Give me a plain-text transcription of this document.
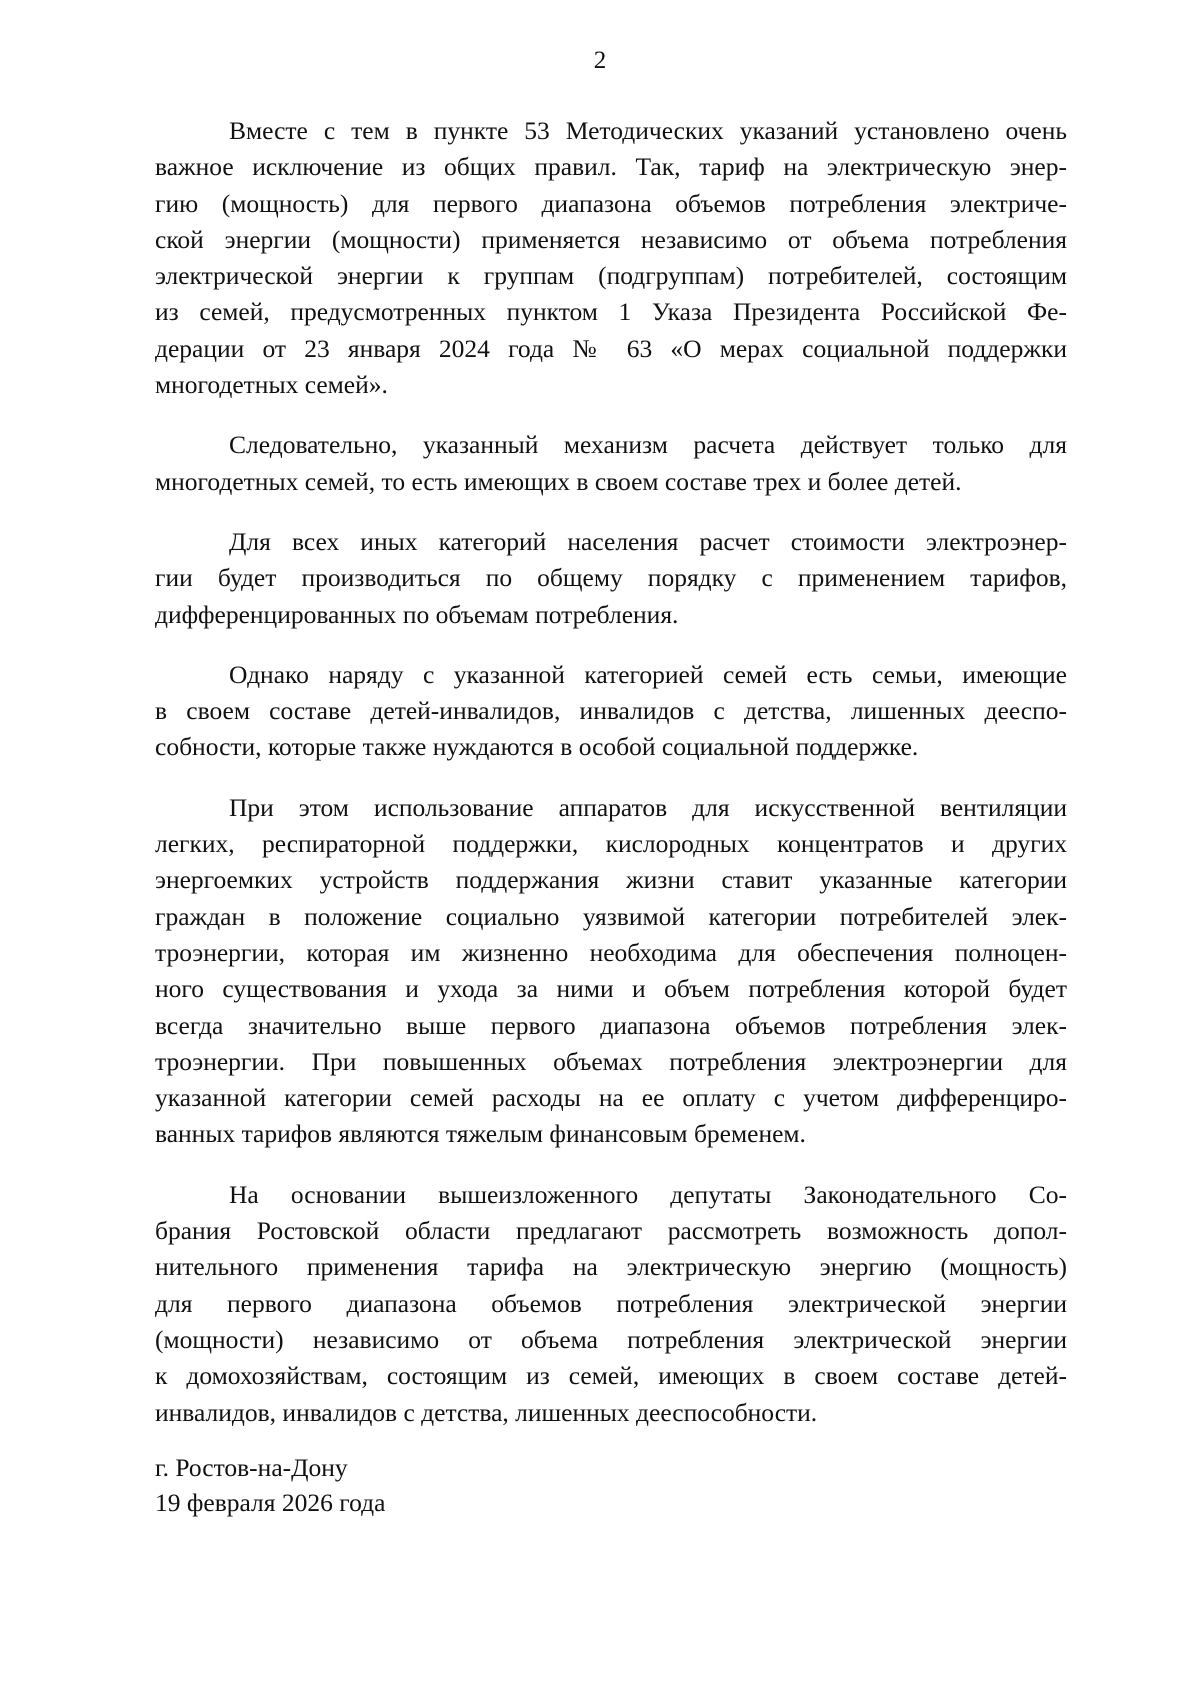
2

Вместе с тем в пункте 53 Методических указаний установлено очень
важное исключение из общих правил. Так, тариф на электрическую энер-
гию (мощность) для первого диапазона объемов потребления электриче-
ской энергии (мощности) применяется независимо от объема потребления
электрической энергии к группам (подгруппам) потребителей, состоящим
из семей, предусмотренных пунктом 1 Указа Президента Российской Фе-
дерации от 23 января 2024 года № 63 «О мерах социальной поддержки
многодетных семей».

Следовательно, указанный механизм расчета действует только для
многодетных семей, то есть имеющих в своем составе трех и более детей.

Для всех иных категорий населения расчет стоимости электроэнер-
гии будет производиться по общему порядку с применением тарифов,
дифференцированных по объемам потребления.

Однако наряду с указанной категорией семей есть семьи, имеющие
в своем составе детей-инвалидов, инвалидов с детства, лишенных дееспо-
собности, которые также нуждаются в особой социальной поддержке.

При этом использование аппаратов для искусственной вентиляции
легких, респираторной поддержки, кислородных концентратов и других
энергоемких устройств поддержания жизни ставит указанные категории
граждан в положение социально уязвимой категории потребителей элек-
троэнергии, которая им жизненно необходима для обеспечения полноцен-
ного существования и ухода за ними и объем потребления которой будет
всегда значительно выше первого диапазона объемов потребления элек-
троэнергии. При повышенных объемах потребления электроэнергии для
указанной категории семей расходы на ее оплату с учетом дифференциро-
ванных тарифов являются тяжелым финансовым бременем.

На основании вышеизложенного депутаты Законодательного Со-
брания Ростовской области предлагают рассмотреть возможность допол-
нительного применения тарифа на электрическую энергию (мощность)
для первого диапазона объемов потребления электрической энергии
(мощности) независимо от объема потребления электрической энергии
к домохозяйствам, состоящим из семей, имеющих в своем составе детей-
инвалидов, инвалидов с детства, лишенных дееспособности.

г. Ростов-на-Дону
19 февраля 2026 года
